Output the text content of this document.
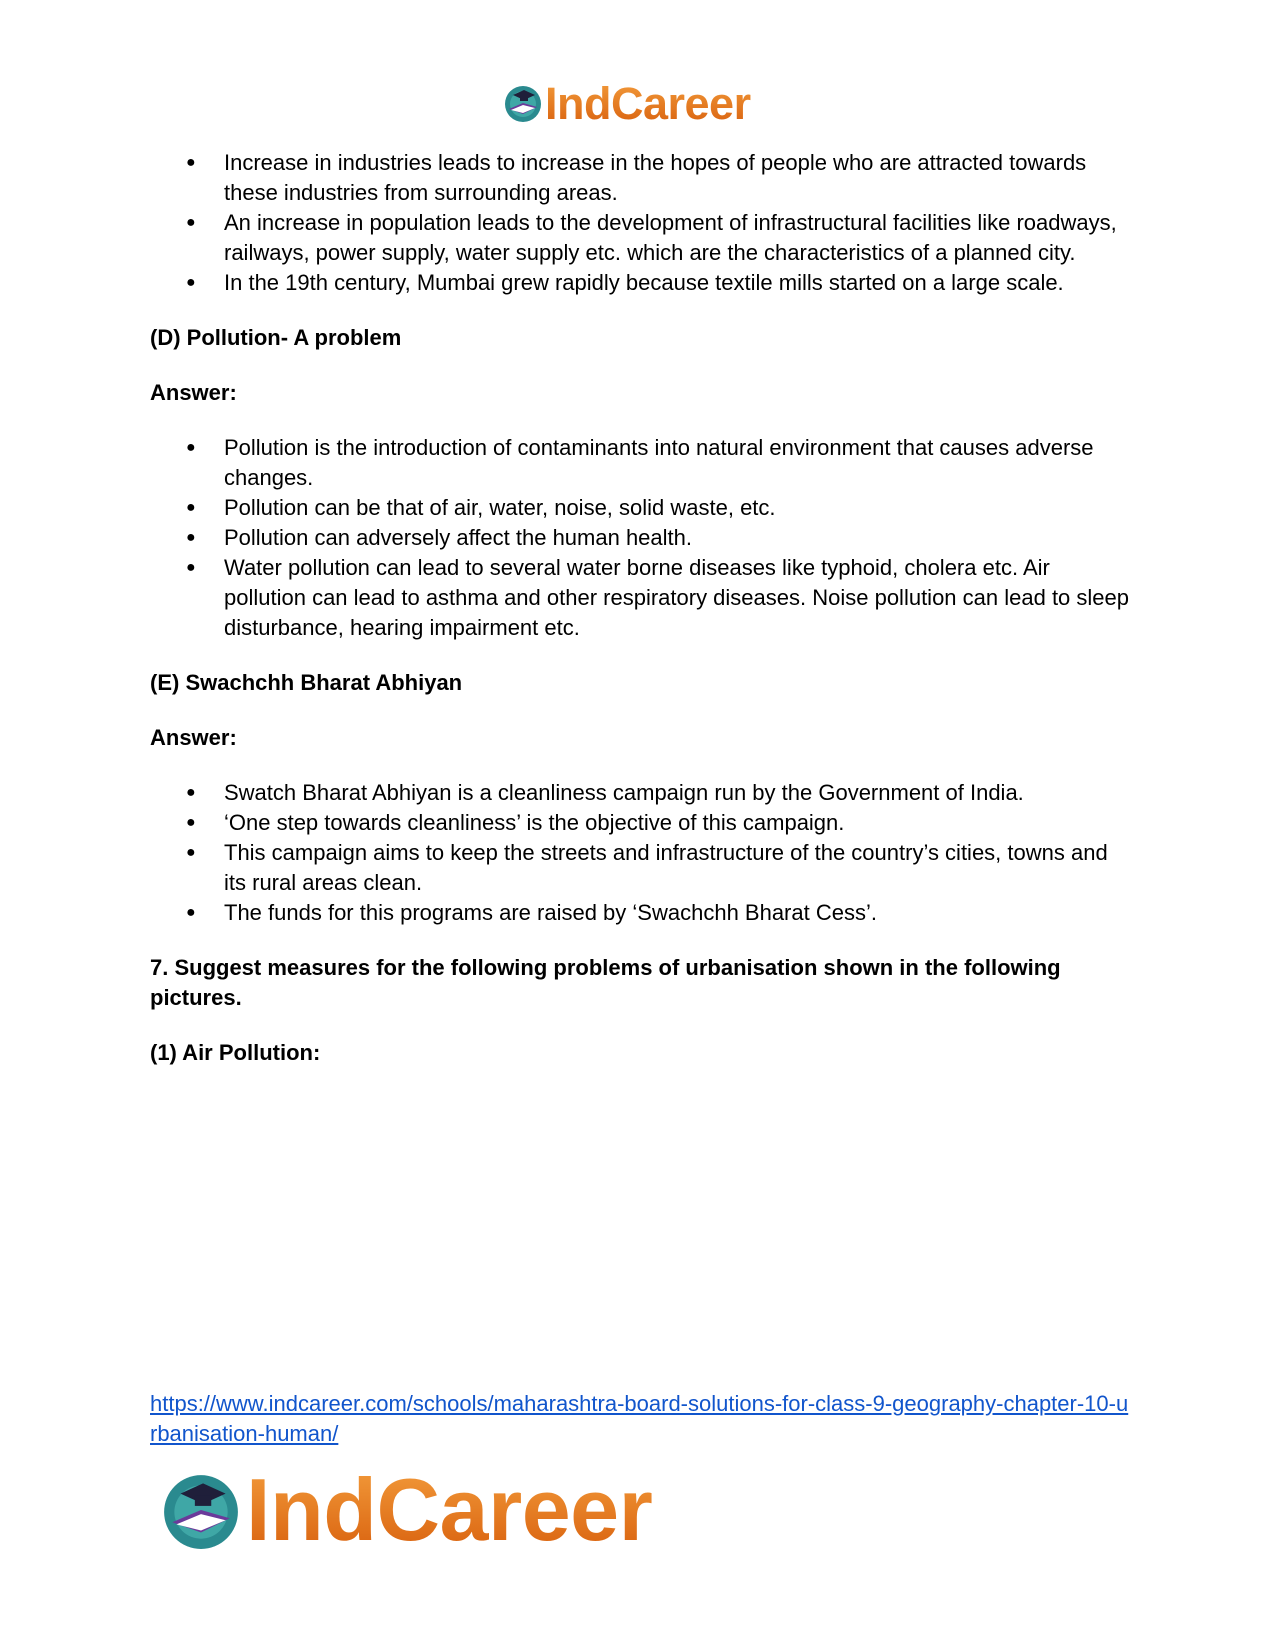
IndCareer
● Increase in industries leads to increase in the hopes of people who are attracted towards these industries from surrounding areas.
● An increase in population leads to the development of infrastructural facilities like roadways, railways, power supply, water supply etc. which are the characteristics of a planned city.
● In the 19th century, Mumbai grew rapidly because textile mills started on a large scale.

(D) Pollution- A problem

Answer:

● Pollution is the introduction of contaminants into natural environment that causes adverse changes.
● Pollution can be that of air, water, noise, solid waste, etc.
● Pollution can adversely affect the human health.
● Water pollution can lead to several water borne diseases like typhoid, cholera etc. Air pollution can lead to asthma and other respiratory diseases. Noise pollution can lead to sleep disturbance, hearing impairment etc.

(E) Swachchh Bharat Abhiyan

Answer:

● Swatch Bharat Abhiyan is a cleanliness campaign run by the Government of India.
● ‘One step towards cleanliness’ is the objective of this campaign.
● This campaign aims to keep the streets and infrastructure of the country’s cities, towns and its rural areas clean.
● The funds for this programs are raised by ‘Swachchh Bharat Cess’.

7. Suggest measures for the following problems of urbanisation shown in the following pictures.

(1) Air Pollution:

https://www.indcareer.com/schools/maharashtra-board-solutions-for-class-9-geography-chapter-10-urbanisation-human/
IndCareer
